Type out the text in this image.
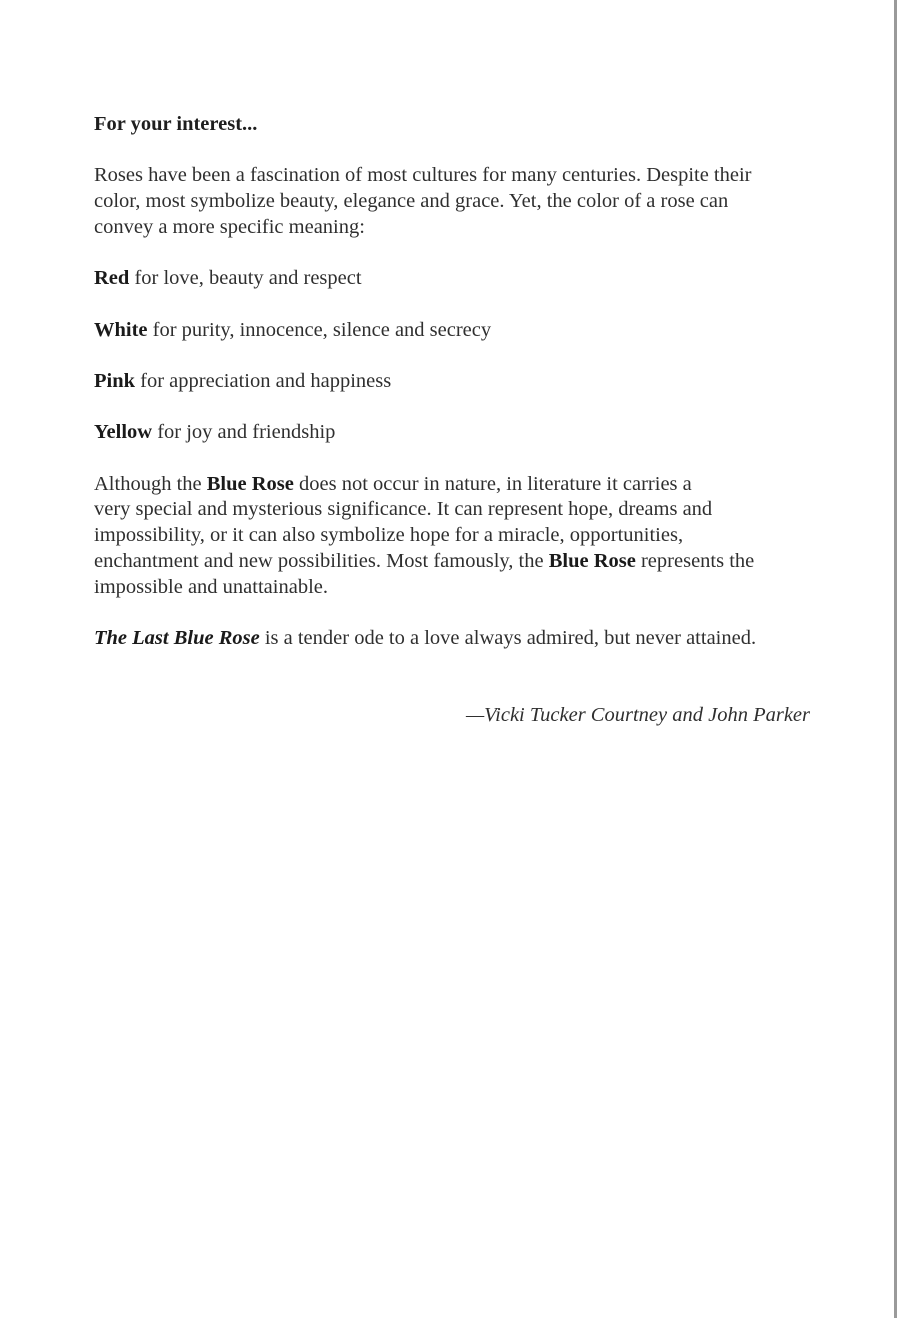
For your interest...

Roses have been a fascination of most cultures for many centuries. Despite their
color, most symbolize beauty, elegance and grace. Yet, the color of a rose can
convey a more specific meaning:

Red for love, beauty and respect

White for purity, innocence, silence and secrecy

Pink for appreciation and happiness

Yellow for joy and friendship

Although the Blue Rose does not occur in nature, in literature it carries a
very special and mysterious significance. It can represent hope, dreams and
impossibility, or it can also symbolize hope for a miracle, opportunities,
enchantment and new possibilities. Most famously, the Blue Rose represents the
impossible and unattainable.

The Last Blue Rose is a tender ode to a love always admired, but never attained.

—Vicki Tucker Courtney and John Parker
